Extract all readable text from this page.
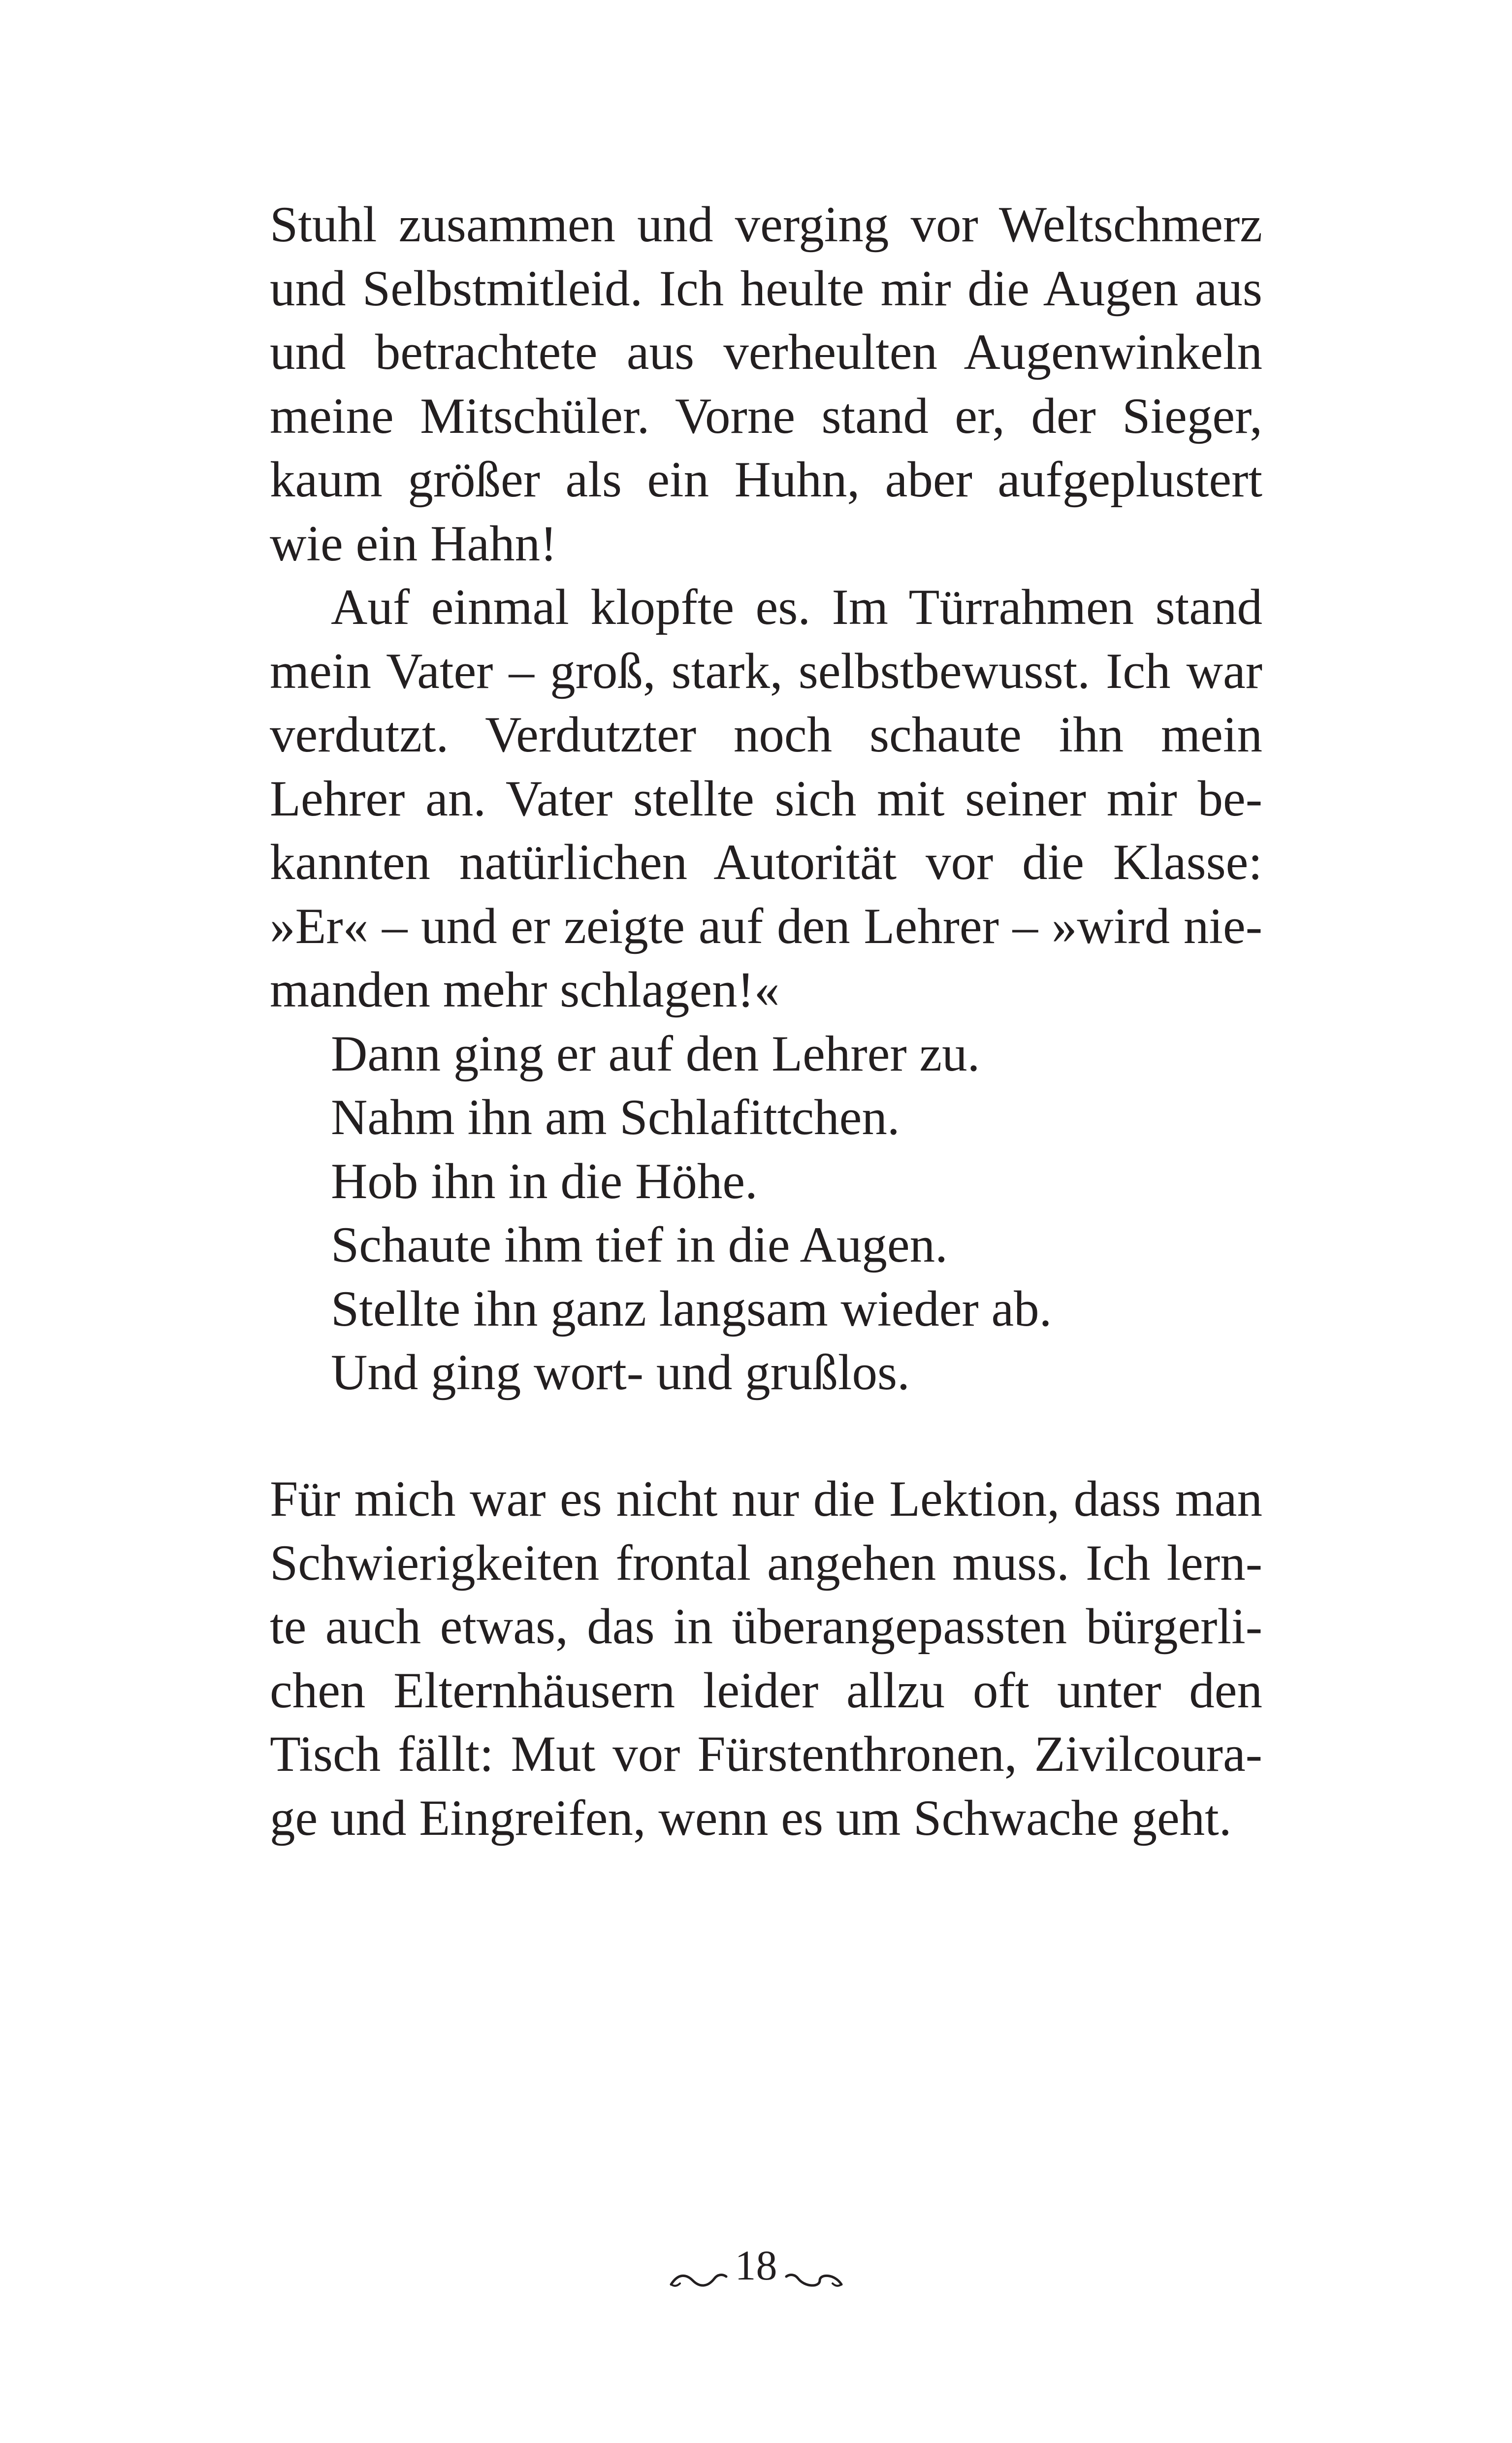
Stuhl zusammen und verging vor Weltschmerz
und Selbstmitleid. Ich heulte mir die Augen aus
und betrachtete aus verheulten Augenwinkeln
meine Mitschüler. Vorne stand er, der Sieger,
kaum größer als ein Huhn, aber aufgeplustert
wie ein Hahn!
Auf einmal klopfte es. Im Türrahmen stand
mein Vater – groß, stark, selbstbewusst. Ich war
verdutzt. Verdutzter noch schaute ihn mein
Lehrer an. Vater stellte sich mit seiner mir be-
kannten natürlichen Autorität vor die Klasse:
»Er« – und er zeigte auf den Lehrer – »wird nie-
manden mehr schlagen!«
Dann ging er auf den Lehrer zu.
Nahm ihn am Schlafittchen.
Hob ihn in die Höhe.
Schaute ihm tief in die Augen.
Stellte ihn ganz langsam wieder ab.
Und ging wort- und grußlos.
Für mich war es nicht nur die Lektion, dass man
Schwierigkeiten frontal angehen muss. Ich lern-
te auch etwas, das in überangepassten bürgerli-
chen Elternhäusern leider allzu oft unter den
Tisch fällt: Mut vor Fürstenthronen, Zivilcoura-
ge und Eingreifen, wenn es um Schwache geht.
18
